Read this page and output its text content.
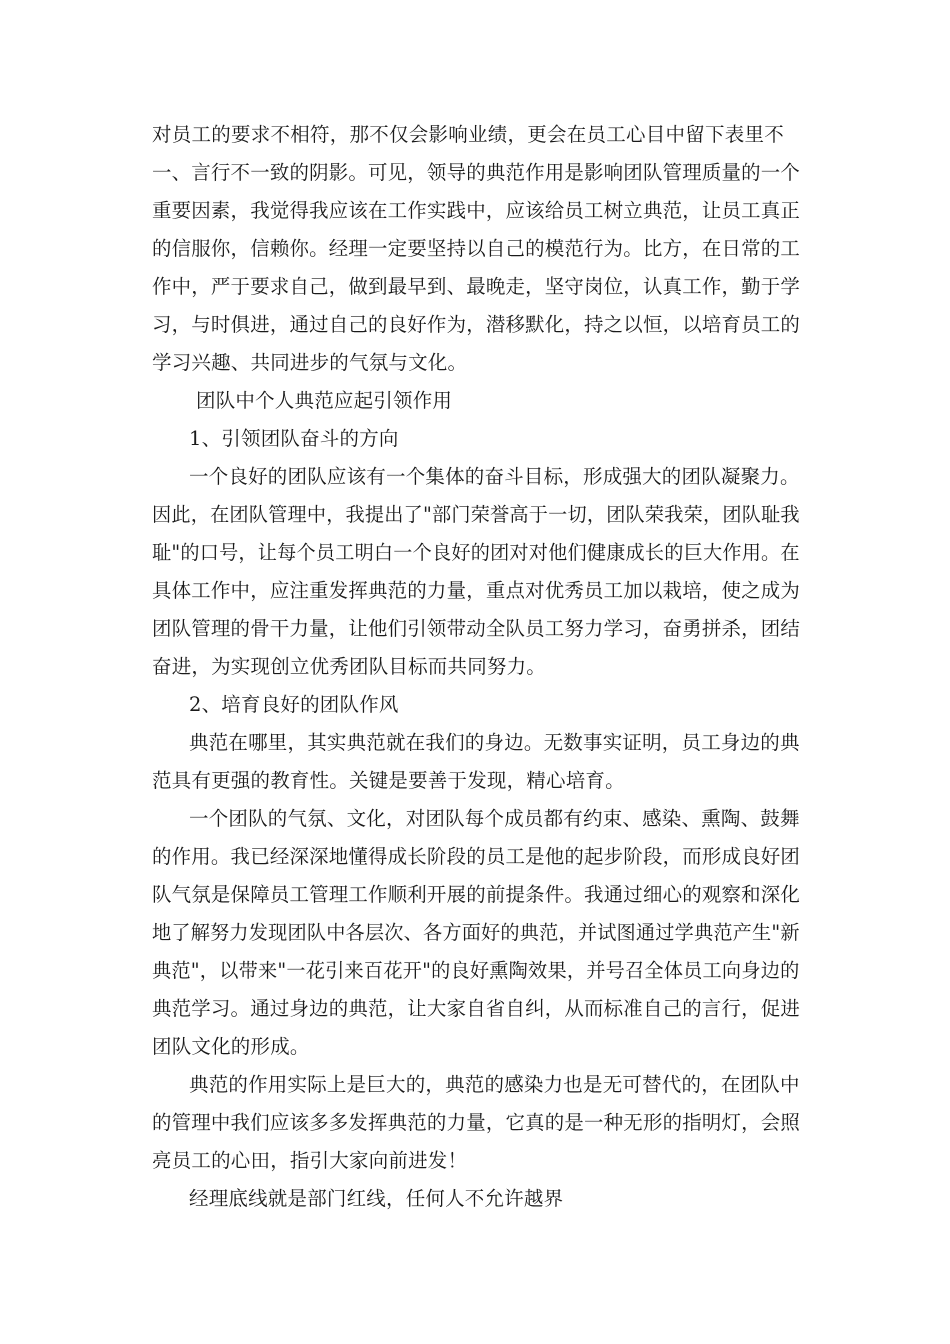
对员工的要求不相符，那不仅会影响业绩，更会在员工心目中留下表里不
一、言行不一致的阴影。可见，领导的典范作用是影响团队管理质量的一个
重要因素，我觉得我应该在工作实践中，应该给员工树立典范，让员工真正
的信服你，信赖你。经理一定要坚持以自己的模范行为。比方，在日常的工
作中，严于要求自己，做到最早到、最晚走，坚守岗位，认真工作，勤于学
习，与时俱进，通过自己的良好作为，潜移默化，持之以恒，以培育员工的
学习兴趣、共同进步的气氛与文化。
团队中个人典范应起引领作用
1、引领团队奋斗的方向
一个良好的团队应该有一个集体的奋斗目标，形成强大的团队凝聚力。
因此，在团队管理中，我提出了"部门荣誉高于一切，团队荣我荣，团队耻我
耻"的口号，让每个员工明白一个良好的团对对他们健康成长的巨大作用。在
具体工作中，应注重发挥典范的力量，重点对优秀员工加以栽培，使之成为
团队管理的骨干力量，让他们引领带动全队员工努力学习，奋勇拼杀，团结
奋进，为实现创立优秀团队目标而共同努力。
2、培育良好的团队作风
典范在哪里，其实典范就在我们的身边。无数事实证明，员工身边的典
范具有更强的教育性。关键是要善于发现，精心培育。
一个团队的气氛、文化，对团队每个成员都有约束、感染、熏陶、鼓舞
的作用。我已经深深地懂得成长阶段的员工是他的起步阶段，而形成良好团
队气氛是保障员工管理工作顺利开展的前提条件。我通过细心的观察和深化
地了解努力发现团队中各层次、各方面好的典范，并试图通过学典范产生"新
典范"，以带来"一花引来百花开"的良好熏陶效果，并号召全体员工向身边的
典范学习。通过身边的典范，让大家自省自纠，从而标准自己的言行，促进
团队文化的形成。
典范的作用实际上是巨大的，典范的感染力也是无可替代的，在团队中
的管理中我们应该多多发挥典范的力量，它真的是一种无形的指明灯，会照
亮员工的心田，指引大家向前进发！
经理底线就是部门红线，任何人不允许越界
